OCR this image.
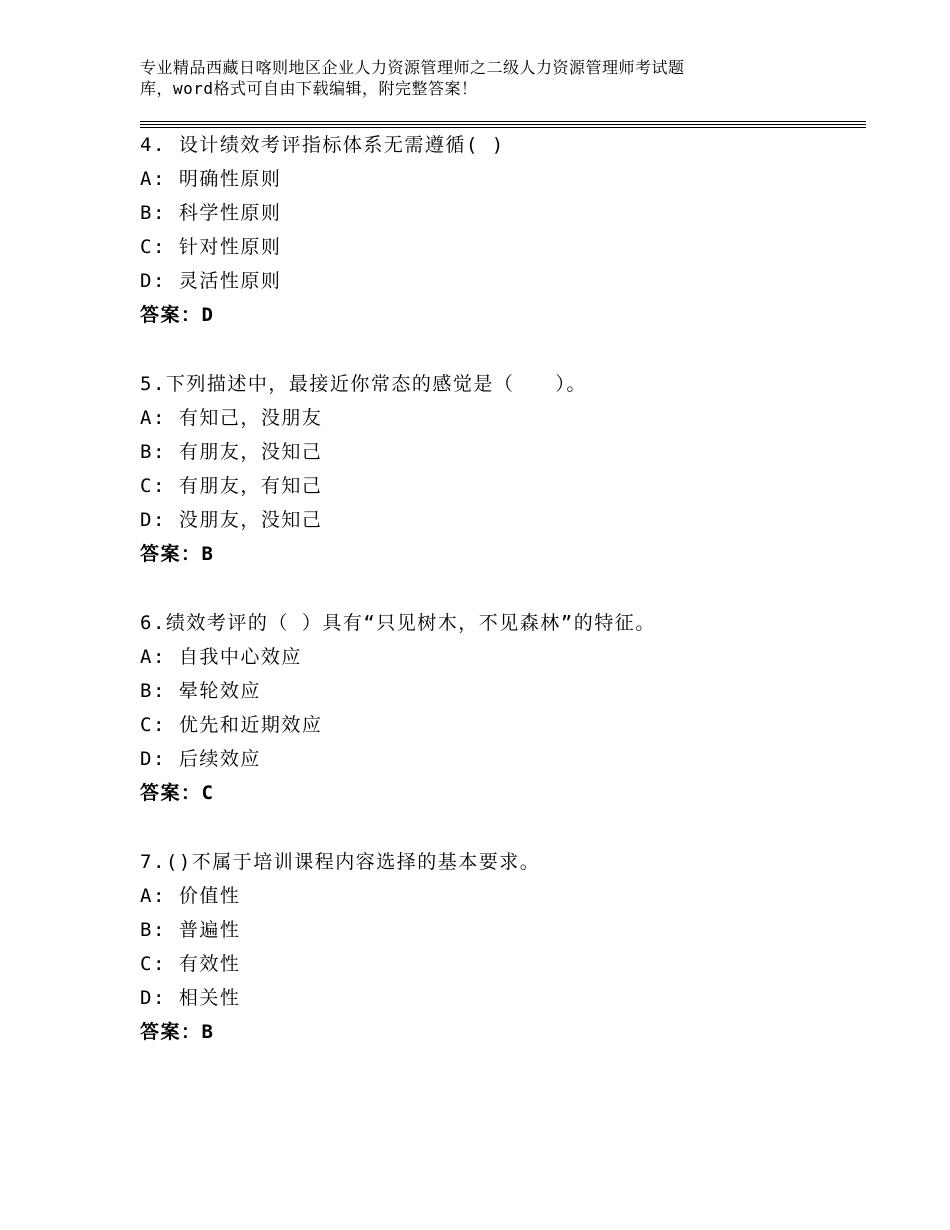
专业精品西藏日喀则地区企业人力资源管理师之二级人力资源管理师考试题
库，word格式可自由下载编辑，附完整答案！
4. 设计绩效考评指标体系无需遵循( )
A: 明确性原则
B: 科学性原则
C: 针对性原则
D: 灵活性原则
答案：D
5.下列描述中，最接近你常态的感觉是（　　）。
A: 有知己，没朋友
B: 有朋友，没知己
C: 有朋友，有知己
D: 没朋友，没知己
答案：B
6.绩效考评的（ ）具有“只见树木，不见森林”的特征。
A: 自我中心效应
B: 晕轮效应
C: 优先和近期效应
D: 后续效应
答案：C
7.()不属于培训课程内容选择的基本要求。
A: 价值性
B: 普遍性
C: 有效性
D: 相关性
答案：B
